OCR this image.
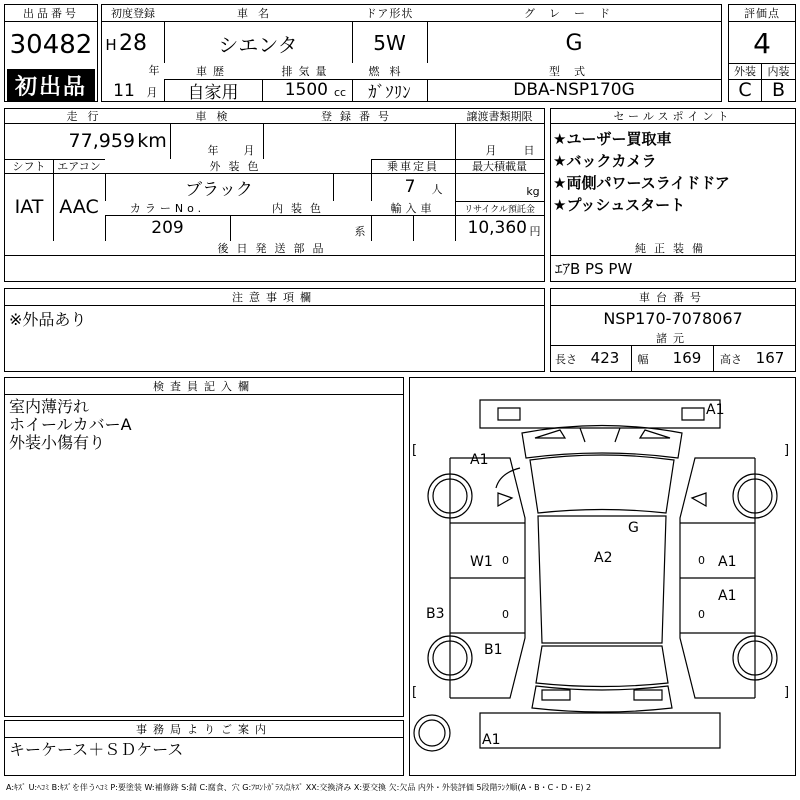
出品番号
30482
初出品
初度登録
H 28
年
11	月
車名
シエンタ
ドア形状
5W
グレード
G
車歴
自家用
排気量
1500 cc
燃料
ｶﾞｿﾘﾝ
型式
DBA-NSP170G
評価点
4
外装	内装
C	B
走行
77,959 km
車検
年 月
登録番号	譲渡書類期限
月 日
シフト
IAT
エアコン
AAC
外装色
ブラック
乗車定員
7	人
最大積載量
kg
カラーNo.
209
内装色
系
輸入車	リサイクル預託金
10,360 円
後日発送部品
セールスポイント
★ユーザー買取車
★バックカメラ
★両側パワースライドドア
★プッシュスタート
純正装備
ｴｱB PS PW
注意事項欄
※外品あり
車台番号
NSP170-7078067
諸元
長さ 423	幅	169	高さ 167
検査員記入欄
室内薄汚れ
ホイールカバーA
外装小傷有り
事務局よりご案内
キーケース＋ＳＤケース
[	]
[	]
A1
A1
G
A2
W1	A1
A1
B3
B1
A1
0	0
0	0
A:ｷｽﾞ U:ﾍｺﾐ B:ｷｽﾞを伴うﾍｺﾐ P:要塗装 W:補修跡 S:錆 C:腐食、穴 G:ﾌﾛﾝﾄｶﾞﾗｽ点ｷｽﾞ XX:交換済み X:要交換 欠:欠品 内外・外装評価 5段階ﾗﾝｸ順(A・B・C・D・E) 2
